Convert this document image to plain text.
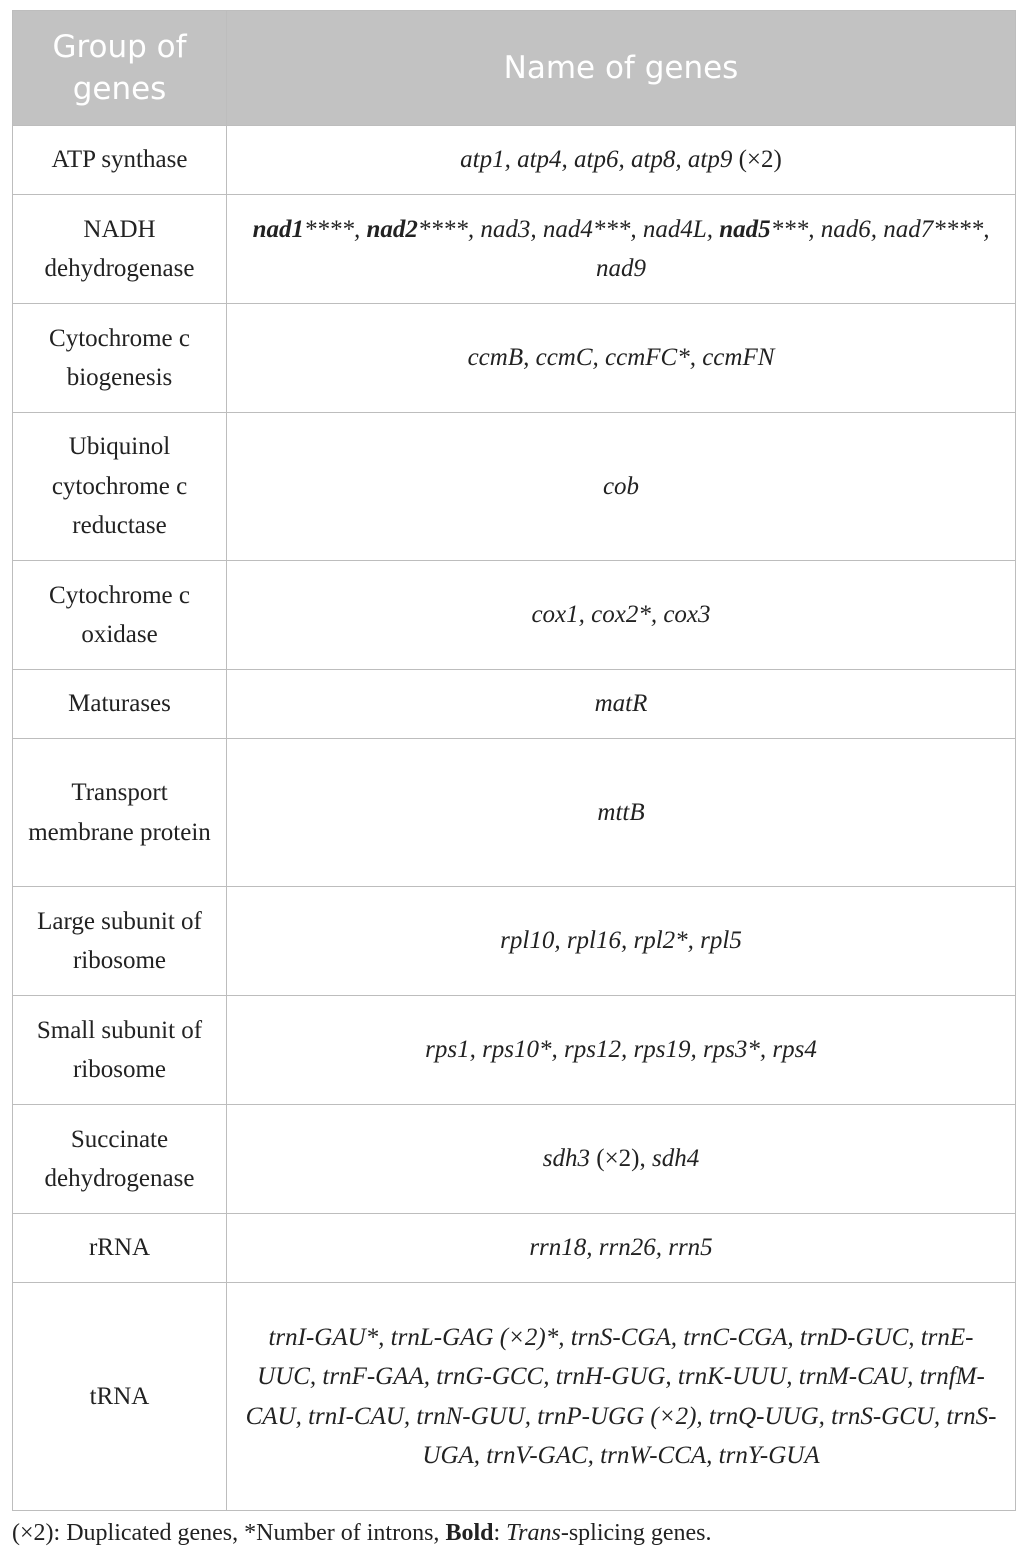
Group of genes	Name of genes
ATP synthase	atp1, atp4, atp6, atp8, atp9 (×2)
NADH dehydrogenase	nad1****, nad2****, nad3, nad4***, nad4L, nad5***, nad6, nad7****, nad9
Cytochrome c biogenesis	ccmB, ccmC, ccmFC*, ccmFN
Ubiquinol cytochrome c reductase	cob
Cytochrome c oxidase	cox1, cox2*, cox3
Maturases	matR
Transport membrane protein	mttB
Large subunit of ribosome	rpl10, rpl16, rpl2*, rpl5
Small subunit of ribosome	rps1, rps10*, rps12, rps19, rps3*, rps4
Succinate dehydrogenase	sdh3 (×2), sdh4
rRNA	rrn18, rrn26, rrn5
tRNA	trnI-GAU*, trnL-GAG (×2)*, trnS-CGA, trnC-CGA, trnD-GUC, trnE-UUC, trnF-GAA, trnG-GCC, trnH-GUG, trnK-UUU, trnM-CAU, trnfM-CAU, trnI-CAU, trnN-GUU, trnP-UGG (×2), trnQ-UUG, trnS-GCU, trnS-UGA, trnV-GAC, trnW-CCA, trnY-GUA
(×2): Duplicated genes, *Number of introns, Bold: Trans-splicing genes.
